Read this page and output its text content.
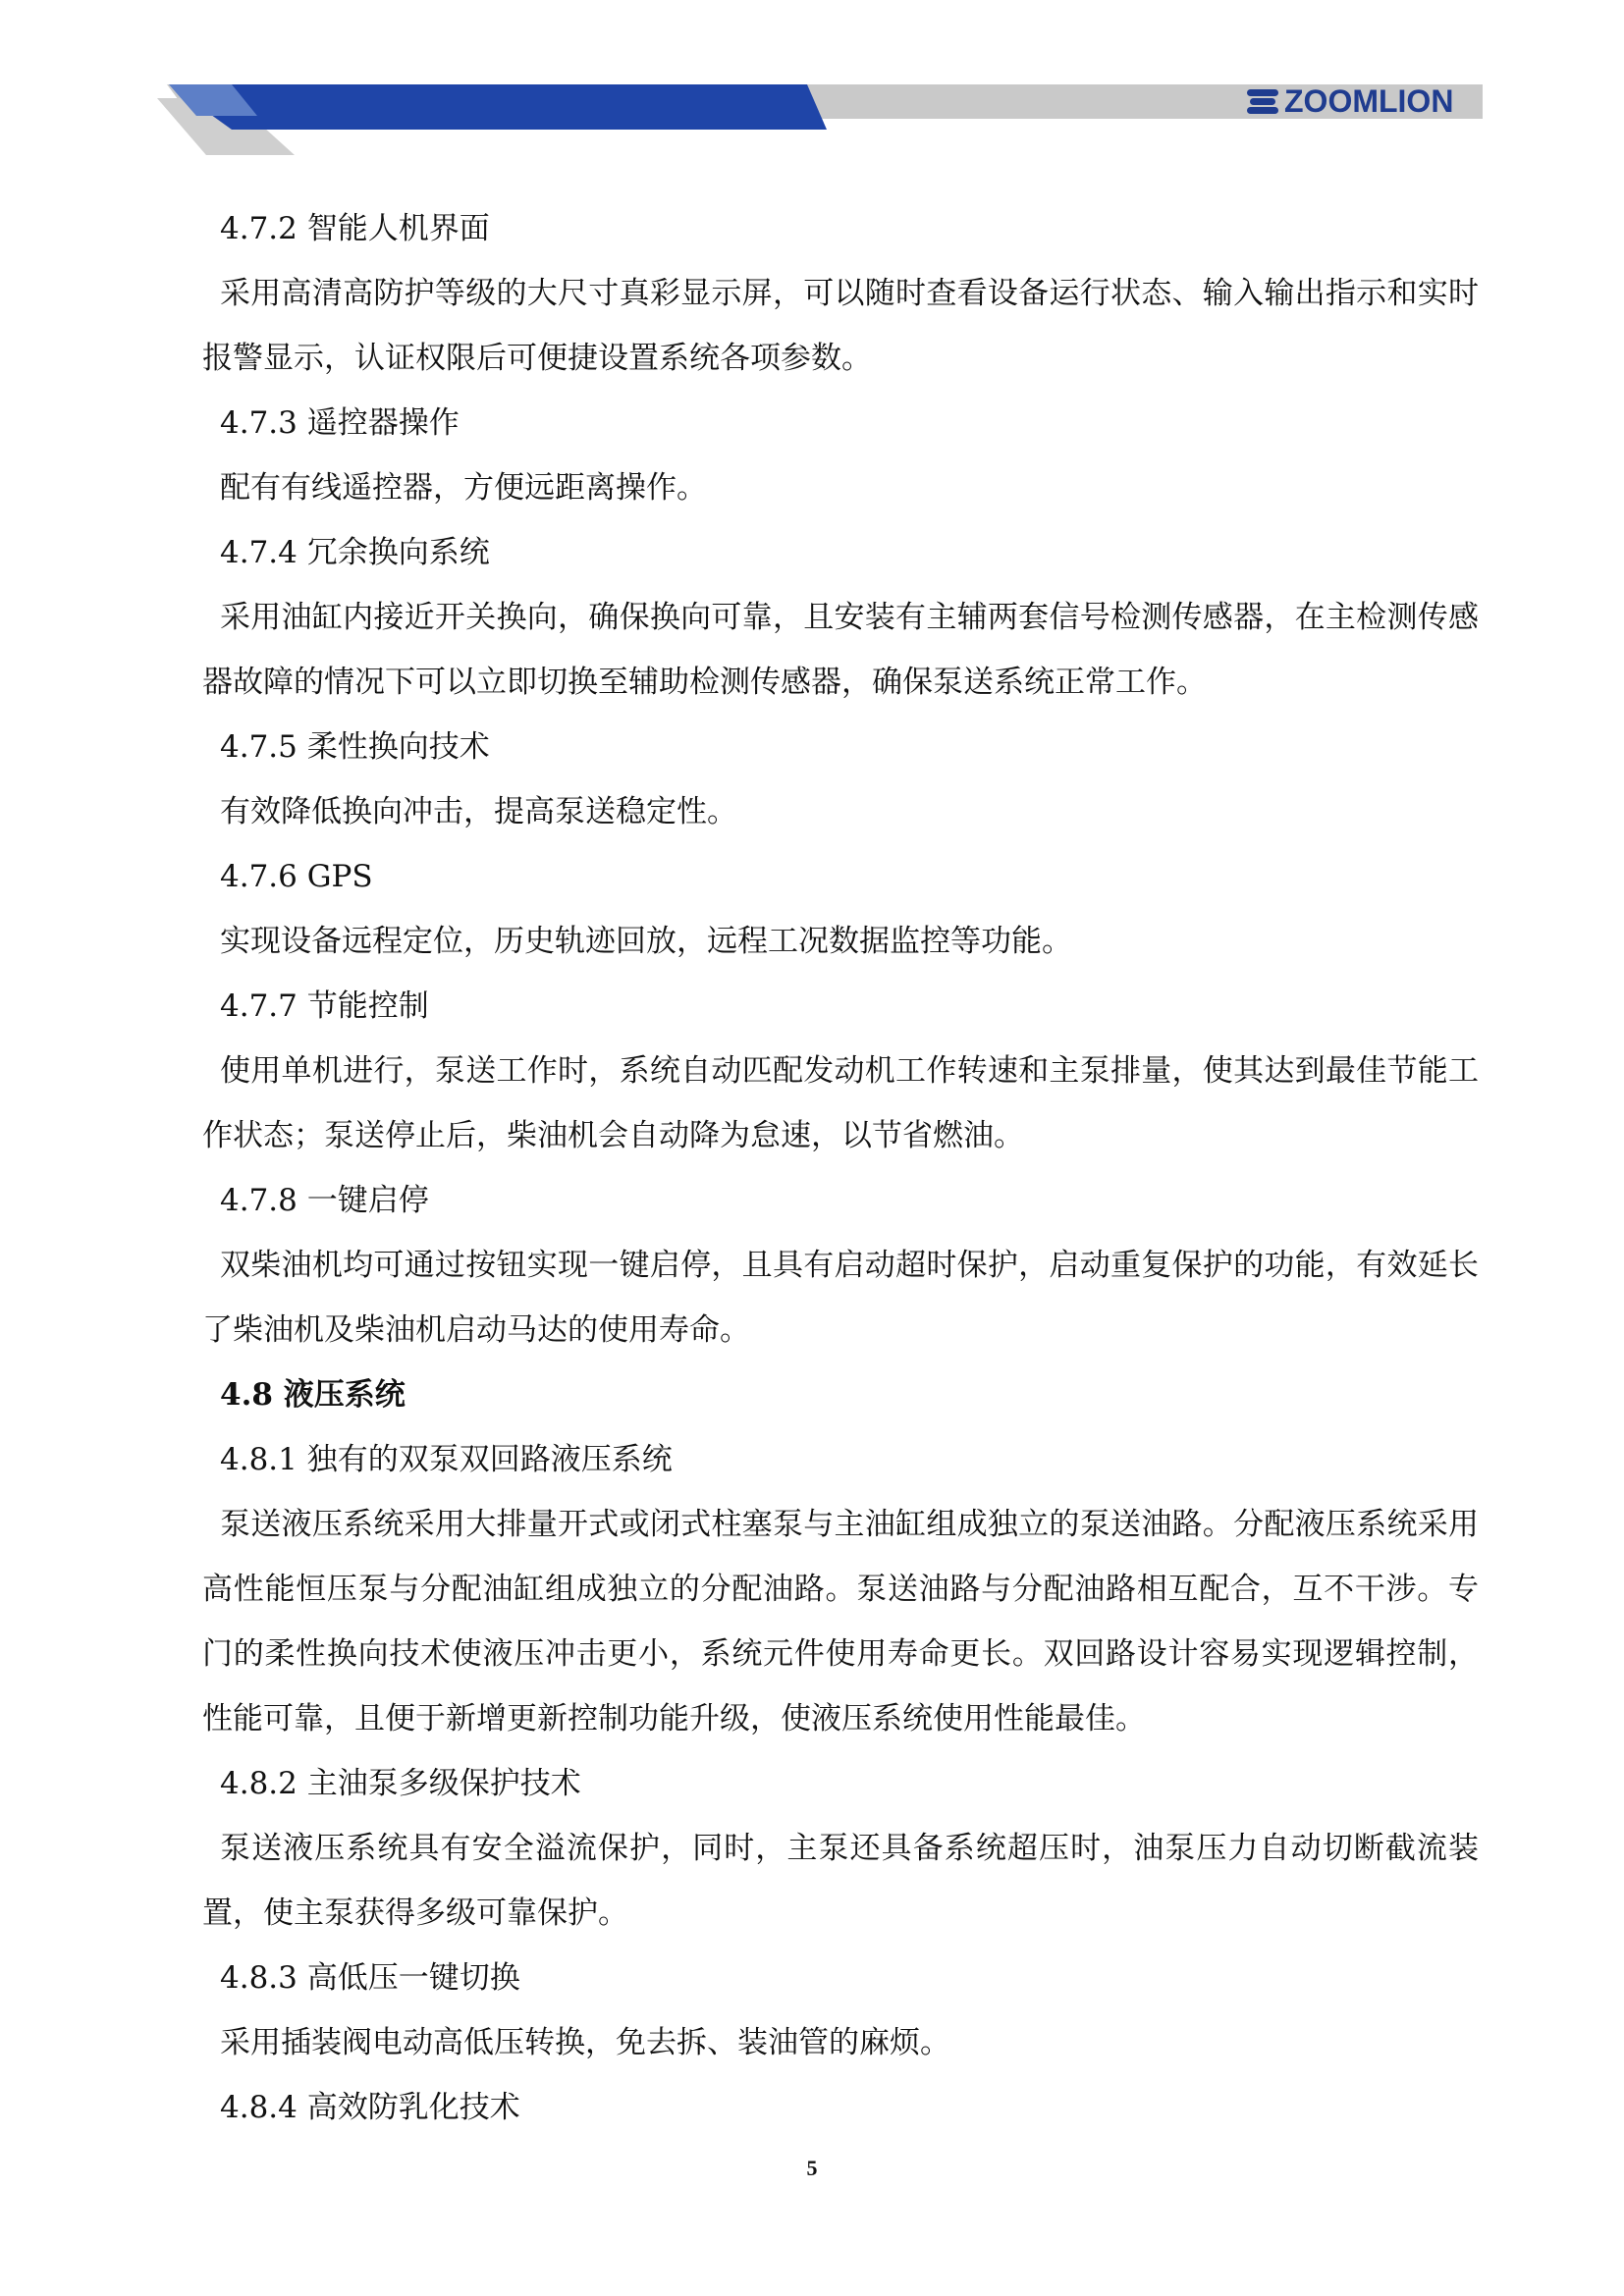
ZOOMLION
4.7.2 智能人机界面
采用高清高防护等级的大尺寸真彩显示屏，可以随时查看设备运行状态、输入输出指示和实时报警显示，认证权限后可便捷设置系统各项参数。
4.7.3 遥控器操作
配有有线遥控器，方便远距离操作。
4.7.4 冗余换向系统
采用油缸内接近开关换向，确保换向可靠，且安装有主辅两套信号检测传感器，在主检测传感器故障的情况下可以立即切换至辅助检测传感器，确保泵送系统正常工作。
4.7.5 柔性换向技术
有效降低换向冲击，提高泵送稳定性。
4.7.6 GPS
实现设备远程定位，历史轨迹回放，远程工况数据监控等功能。
4.7.7 节能控制
使用单机进行，泵送工作时，系统自动匹配发动机工作转速和主泵排量，使其达到最佳节能工作状态；泵送停止后，柴油机会自动降为怠速，以节省燃油。
4.7.8 一键启停
双柴油机均可通过按钮实现一键启停，且具有启动超时保护，启动重复保护的功能，有效延长了柴油机及柴油机启动马达的使用寿命。
4.8 液压系统
4.8.1 独有的双泵双回路液压系统
泵送液压系统采用大排量开式或闭式柱塞泵与主油缸组成独立的泵送油路。分配液压系统采用高性能恒压泵与分配油缸组成独立的分配油路。泵送油路与分配油路相互配合，互不干涉。专门的柔性换向技术使液压冲击更小，系统元件使用寿命更长。双回路设计容易实现逻辑控制，性能可靠，且便于新增更新控制功能升级，使液压系统使用性能最佳。
4.8.2 主油泵多级保护技术
泵送液压系统具有安全溢流保护，同时，主泵还具备系统超压时，油泵压力自动切断截流装置，使主泵获得多级可靠保护。
4.8.3 高低压一键切换
采用插装阀电动高低压转换，免去拆、装油管的麻烦。
4.8.4 高效防乳化技术
5
